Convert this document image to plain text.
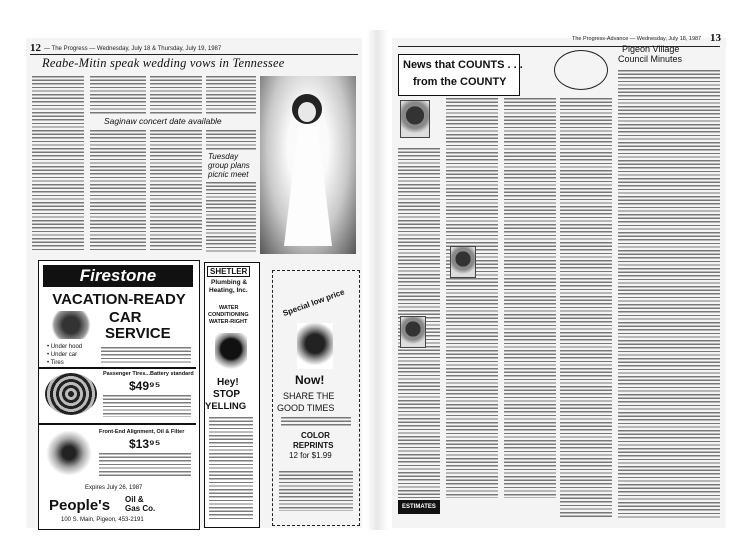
12 — The Progress — Wednesday, July 18 & Thursday, July 19, 1987
Reabe-Mitin speak wedding vows in Tennessee
Saginaw concert date available
Tuesday group plans picnic meet
Firestone
VACATION-READY
CAR
SERVICE
• Under hood
• Under car
• Tires
Passenger Tires...Battery standard
$49⁹⁵
Front-End Alignment, Oil & Filter
$13⁹⁵
Expires July 26, 1987
People's Oil &
Gas Co.
100 S. Main, Pigeon, 453-2191
SHETLER
Plumbing &
Heating, Inc.
WATER
CONDITIONING
WATER-RIGHT
Hey!
STOP
YELLING
Special low price
Now!
SHARE THE
GOOD TIMES
COLOR
REPRINTS
12 for $1.99
The Progress-Advance — Wednesday, July 18, 1987 13
News that COUNTS . . .
from the COUNTY
Pigeon Village
Council Minutes
ESTIMATES
